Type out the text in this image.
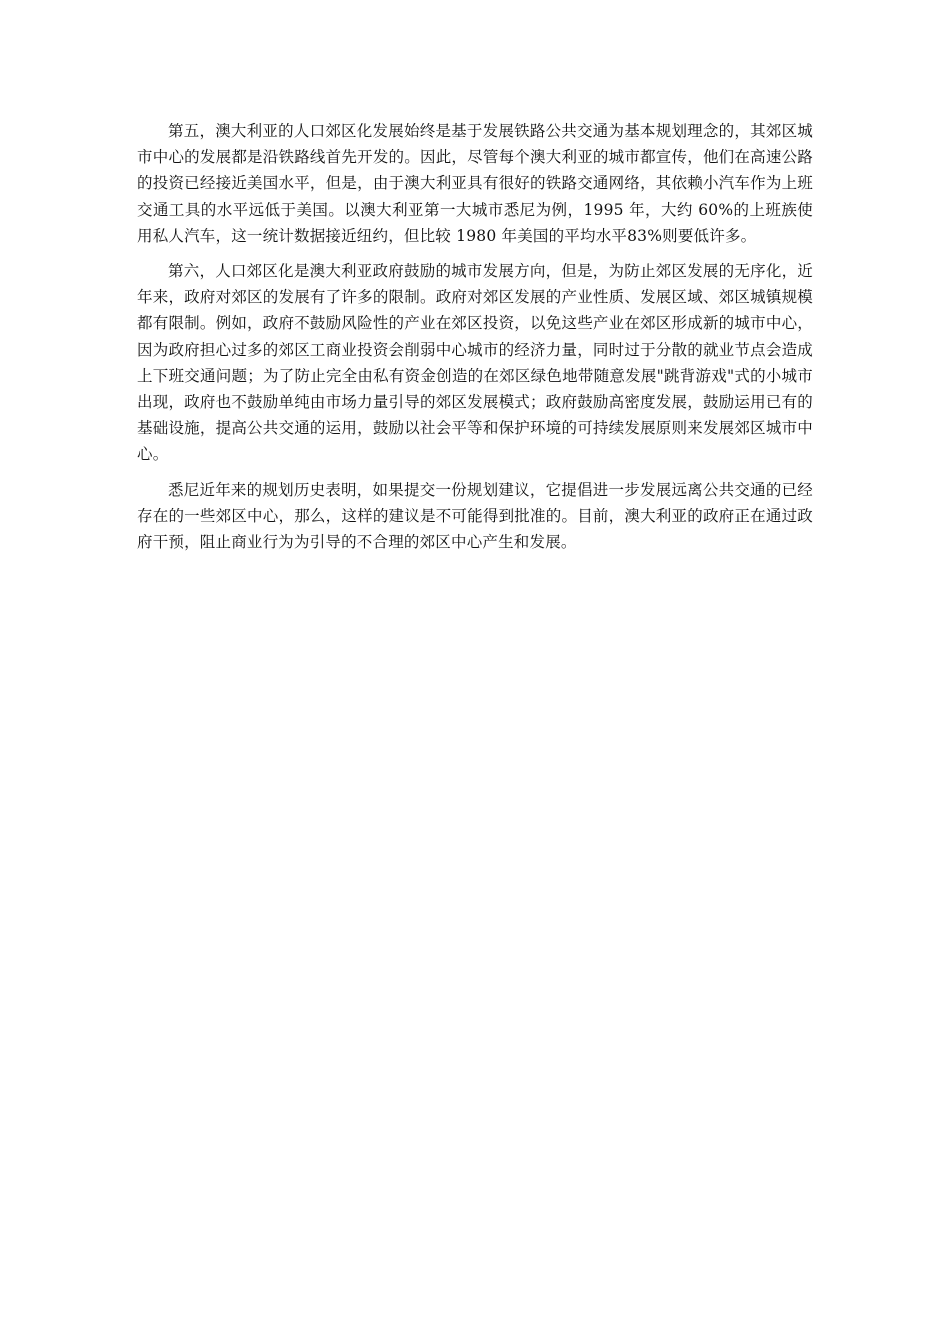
第五，澳大利亚的人口郊区化发展始终是基于发展铁路公共交通为基本规划理念的，其郊区城市中心的发展都是沿铁路线首先开发的。因此，尽管每个澳大利亚的城市都宣传，他们在高速公路的投资已经接近美国水平，但是，由于澳大利亚具有很好的铁路交通网络，其依赖小汽车作为上班交通工具的水平远低于美国。以澳大利亚第一大城市悉尼为例，1995 年，大约 60%的上班族使用私人汽车，这一统计数据接近纽约，但比较 1980 年美国的平均水平83%则要低许多。

第六，人口郊区化是澳大利亚政府鼓励的城市发展方向，但是，为防止郊区发展的无序化，近年来，政府对郊区的发展有了许多的限制。政府对郊区发展的产业性质、发展区域、郊区城镇规模都有限制。例如，政府不鼓励风险性的产业在郊区投资，以免这些产业在郊区形成新的城市中心，因为政府担心过多的郊区工商业投资会削弱中心城市的经济力量，同时过于分散的就业节点会造成上下班交通问题；为了防止完全由私有资金创造的在郊区绿色地带随意发展"跳背游戏"式的小城市出现，政府也不鼓励单纯由市场力量引导的郊区发展模式；政府鼓励高密度发展，鼓励运用已有的基础设施，提高公共交通的运用，鼓励以社会平等和保护环境的可持续发展原则来发展郊区城市中心。

悉尼近年来的规划历史表明，如果提交一份规划建议，它提倡进一步发展远离公共交通的已经存在的一些郊区中心，那么，这样的建议是不可能得到批准的。目前，澳大利亚的政府正在通过政府干预，阻止商业行为为引导的不合理的郊区中心产生和发展。
